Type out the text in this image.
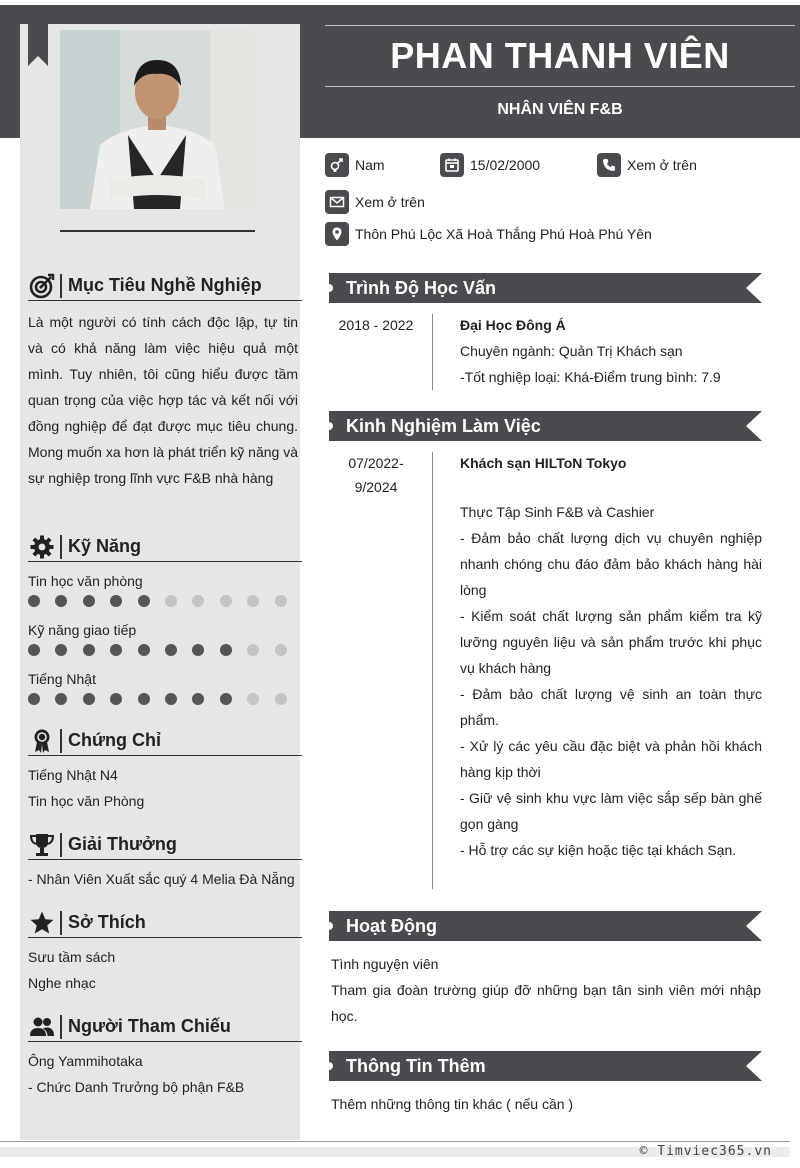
PHAN THANH VIÊN
NHÂN VIÊN F&B
Nam	15/02/2000	Xem ở trên
Xem ở trên
Thôn Phú Lộc Xã Hoà Thắng Phú Hoà Phú Yên
Mục Tiêu Nghề Nghiệp
Là một người có tính cách độc lập, tự tin và có khả năng làm việc hiệu quả một mình. Tuy nhiên, tôi cũng hiểu được tầm quan trọng của việc hợp tác và kết nối với đồng nghiệp để đạt được mục tiêu chung. Mong muốn xa hơn là phát triển kỹ năng và sự nghiệp trong lĩnh vực F&B nhà hàng
Kỹ Năng
Tin học văn phòng
Kỹ năng giao tiếp
Tiếng Nhật
Chứng Chỉ
Tiếng Nhật N4
Tin học văn Phòng
Giải Thưởng
- Nhân Viên Xuất sắc quý 4 Melia Đà Nẵng
Sở Thích
Sưu tầm sách
Nghe nhạc
Người Tham Chiếu
Ông Yammihotaka
- Chức Danh Trưởng bộ phận F&B
Trình Độ Học Vấn
2018 - 2022	Đại Học Đông Á
Chuyên ngành: Quản Trị Khách sạn
-Tốt nghiệp loại: Khá-Điểm trung bình: 7.9
Kinh Nghiệm Làm Việc
07/2022-
9/2024
Khách sạn HILToN Tokyo
Thực Tập Sinh F&B và Cashier
- Đảm bảo chất lượng dịch vụ chuyên nghiệp nhanh chóng chu đáo đảm bảo khách hàng hài lòng
- Kiểm soát chất lượng sản phẩm kiểm tra kỹ lưỡng nguyên liệu và sản phẩm trước khi phục vụ khách hàng
- Đảm bảo chất lượng vệ sinh an toàn thực phẩm.
- Xử lý các yêu cầu đặc biệt và phản hồi khách hàng kịp thời
- Giữ vệ sinh khu vực làm việc sắp sếp bàn ghế gọn gàng
- Hỗ trợ các sự kiện hoặc tiệc tại khách Sạn.
Hoạt Động
Tình nguyện viên
Tham gia đoàn trường giúp đỡ những bạn tân sinh viên mới nhập học.
Thông Tin Thêm
Thêm những thông tin khác ( nếu cần )
© Timviec365.vn
